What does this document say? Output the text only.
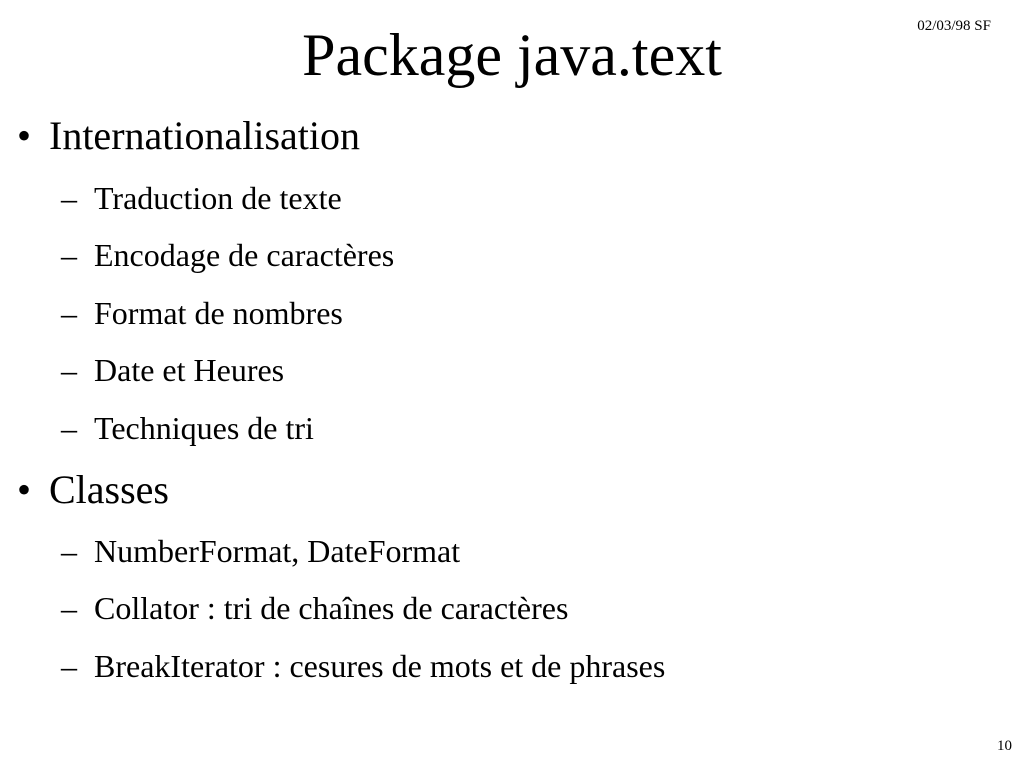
02/03/98 SF
Package java.text
• Internationalisation
– Traduction de texte
– Encodage de caractères
– Format de nombres
– Date et Heures
– Techniques de tri
• Classes
– NumberFormat, DateFormat
– Collator : tri de chaînes de caractères
– BreakIterator : cesures de mots et de phrases
10
